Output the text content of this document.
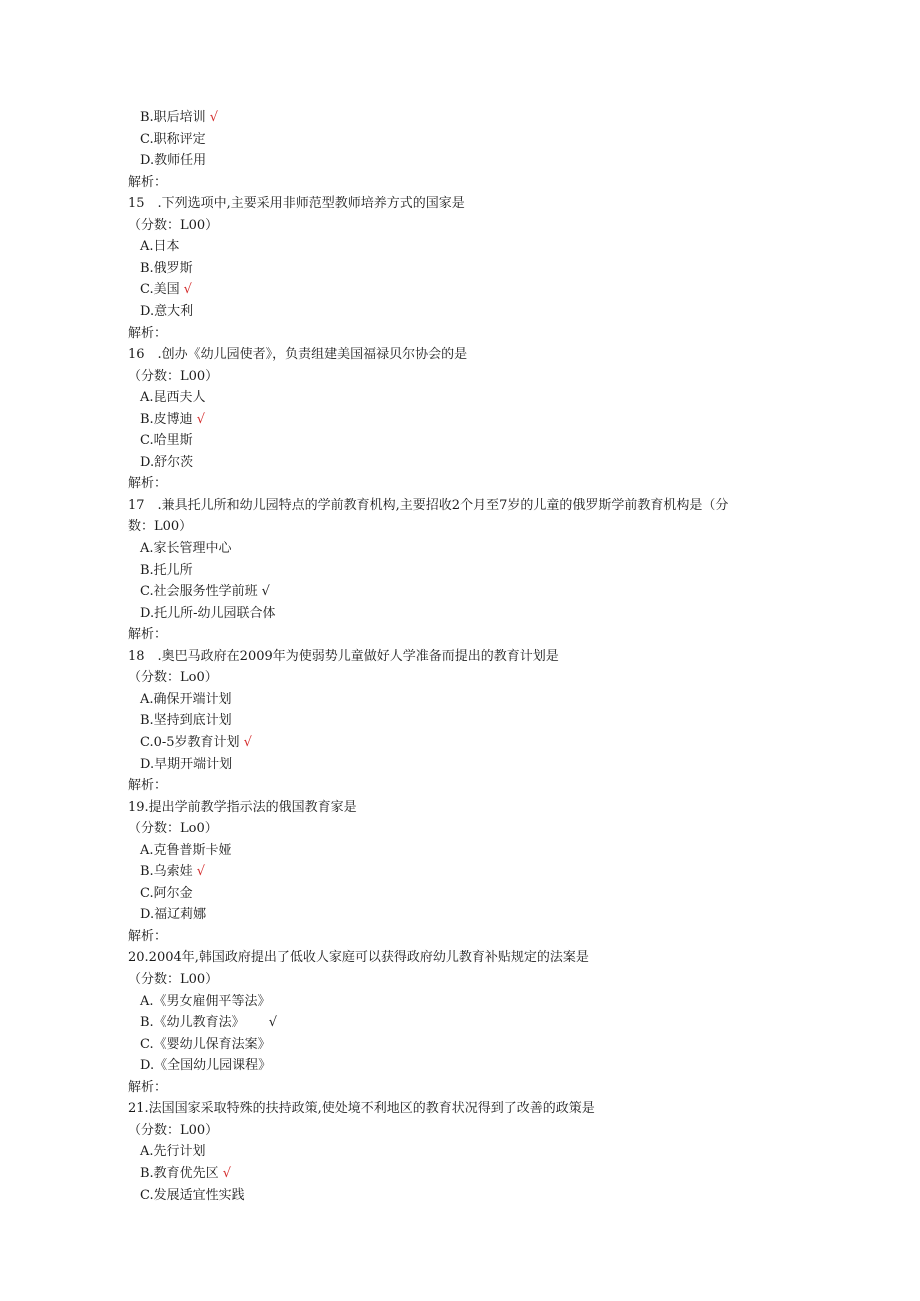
B.职后培训 √
C.职称评定
D.教师任用
解析：
15　.下列选项中,主要采用非师范型教师培养方式的国家是
（分数：L00）
A.日本
B.俄罗斯
C.美国 √
D.意大利
解析：
16　.创办《幼儿园使者》，负责组建美国福禄贝尔协会的是
（分数：L00）
A.昆西夫人
B.皮博迪 √
C.哈里斯
D.舒尔茨
解析：
17　.兼具托儿所和幼儿园特点的学前教育机构,主要招收2个月至7岁的儿童的俄罗斯学前教育机构是（分
数：L00）
A.家长管理中心
B.托儿所
C.社会服务性学前班 √
D.托儿所-幼儿园联合体
解析：
18　.奥巴马政府在2009年为使弱势儿童做好人学准备而提出的教育计划是
（分数：Lo0）
A.确保开端计划
B.坚持到底计划
C.0-5岁教育计划 √
D.早期开端计划
解析：
19.提出学前教学指示法的俄国教育家是
（分数：Lo0）
A.克鲁普斯卡娅
B.乌索娃 √
C.阿尔金
D.福辽莉娜
解析：
20.2004年,韩国政府提出了低收人家庭可以获得政府幼儿教育补贴规定的法案是
（分数：L00）
A.《男女雇佣平等法》
B.《幼儿教育法》 √
C.《婴幼儿保育法案》
D.《全国幼儿园课程》
解析：
21.法国国家采取特殊的扶持政策,使处境不利地区的教育状况得到了改善的政策是
（分数：L00）
A.先行计划
B.教育优先区 √
C.发展适宜性实践
